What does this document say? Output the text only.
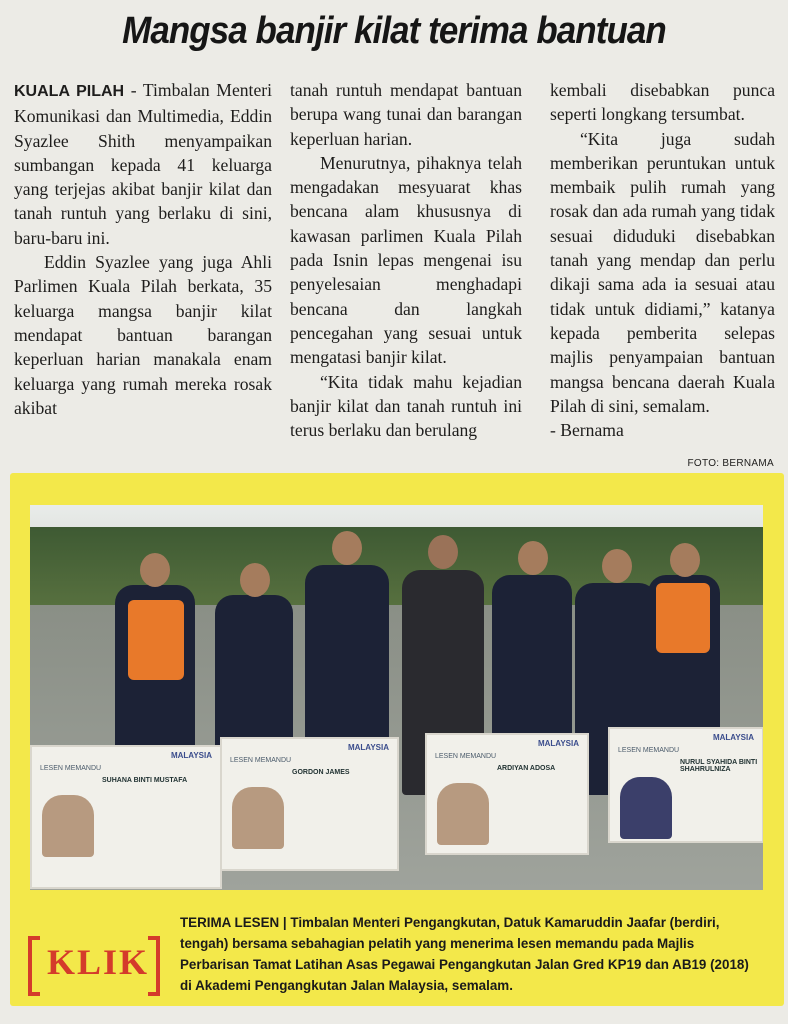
Mangsa banjir kilat terima bantuan

KUALA PILAH - Timbalan Menteri Komunikasi dan Multimedia, Eddin Syazlee Shith menyampaikan sumbangan kepada 41 keluarga yang terjejas akibat banjir kilat dan tanah runtuh yang berlaku di sini, baru-baru ini.

Eddin Syazlee yang juga Ahli Parlimen Kuala Pilah berkata, 35 keluarga mangsa banjir kilat mendapat bantuan barangan keperluan harian manakala enam keluarga yang rumah mereka rosak akibat

tanah runtuh mendapat bantuan berupa wang tunai dan barangan keperluan harian.

Menurutnya, pihaknya telah mengadakan mesyuarat khas bencana alam khususnya di kawasan parlimen Kuala Pilah pada Isnin lepas mengenai isu penyelesaian menghadapi bencana dan langkah pencegahan yang sesuai untuk mengatasi banjir kilat.

“Kita tidak mahu kejadian banjir kilat dan tanah runtuh ini terus berlaku dan berulang

kembali disebabkan punca seperti longkang tersumbat.

“Kita juga sudah memberikan peruntukan untuk membaik pulih rumah yang rosak dan ada rumah yang tidak sesuai diduduki disebabkan tanah yang mendap dan perlu dikaji sama ada ia sesuai atau tidak untuk didiami,” katanya kepada pemberita selepas majlis penyampaian bantuan mangsa bencana daerah Kuala Pilah di sini, semalam.

- Bernama

FOTO: BERNAMA
MALAYSIA
LESEN MEMANDU
SUHANA BINTI MUSTAFA
MALAYSIA
LESEN MEMANDU
GORDON JAMES
MALAYSIA
LESEN MEMANDU
ARDIYAN ADOSA
MALAYSIA
LESEN MEMANDU
NURUL SYAHIDA BINTI SHAHRULNIZA
KLIK
TERIMA LESEN | Timbalan Menteri Pengangkutan, Datuk Kamaruddin Jaafar (berdiri, tengah) bersama sebahagian pelatih yang menerima lesen memandu pada Majlis Perbarisan Tamat Latihan Asas Pegawai Pengangkutan Jalan Gred KP19 dan AB19 (2018) di Akademi Pengangkutan Jalan Malaysia, semalam.
